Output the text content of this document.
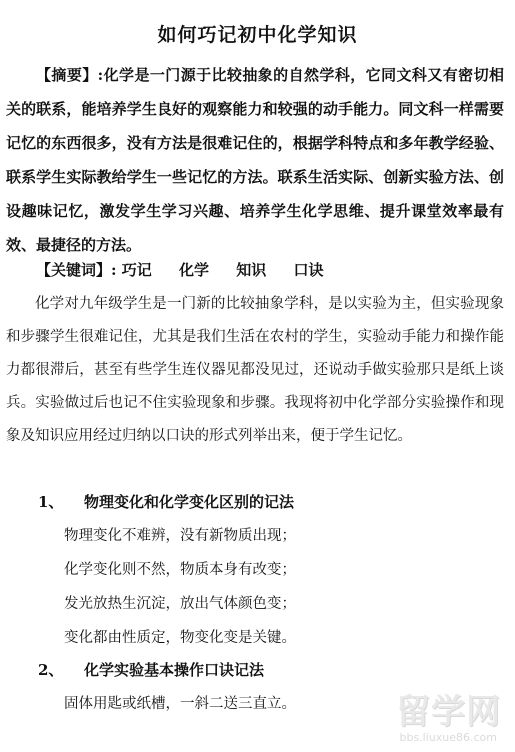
如何巧记初中化学知识

【摘要】:化学是一门源于比较抽象的自然学科，它同文科又有密切相关的联系，能培养学生良好的观察能力和较强的动手能力。同文科一样需要记忆的东西很多，没有方法是很难记住的，根据学科特点和多年教学经验、联系学生实际教给学生一些记忆的方法。联系生活实际、创新实验方法、创设趣味记忆，激发学生学习兴趣、培养学生化学思维、提升课堂效率最有效、最捷径的方法。

【关键词】: 巧记 化学 知识 口诀

化学对九年级学生是一门新的比较抽象学科，是以实验为主，但实验现象和步骤学生很难记住，尤其是我们生活在农村的学生，实验动手能力和操作能力都很滞后，甚至有些学生连仪器见都没见过，还说动手做实验那只是纸上谈兵。实验做过后也记不住实验现象和步骤。我现将初中化学部分实验操作和现象及知识应用经过归纳以口诀的形式列举出来，便于学生记忆。

1、 物理变化和化学变化区别的记法
物理变化不难辨，没有新物质出现；
化学变化则不然，物质本身有改变；
发光放热生沉淀，放出气体颜色变；
变化都由性质定，物变化变是关键。
2、 化学实验基本操作口诀记法
固体用匙或纸槽，一斜二送三直立。	留学网
bbs.liuxue86.com
